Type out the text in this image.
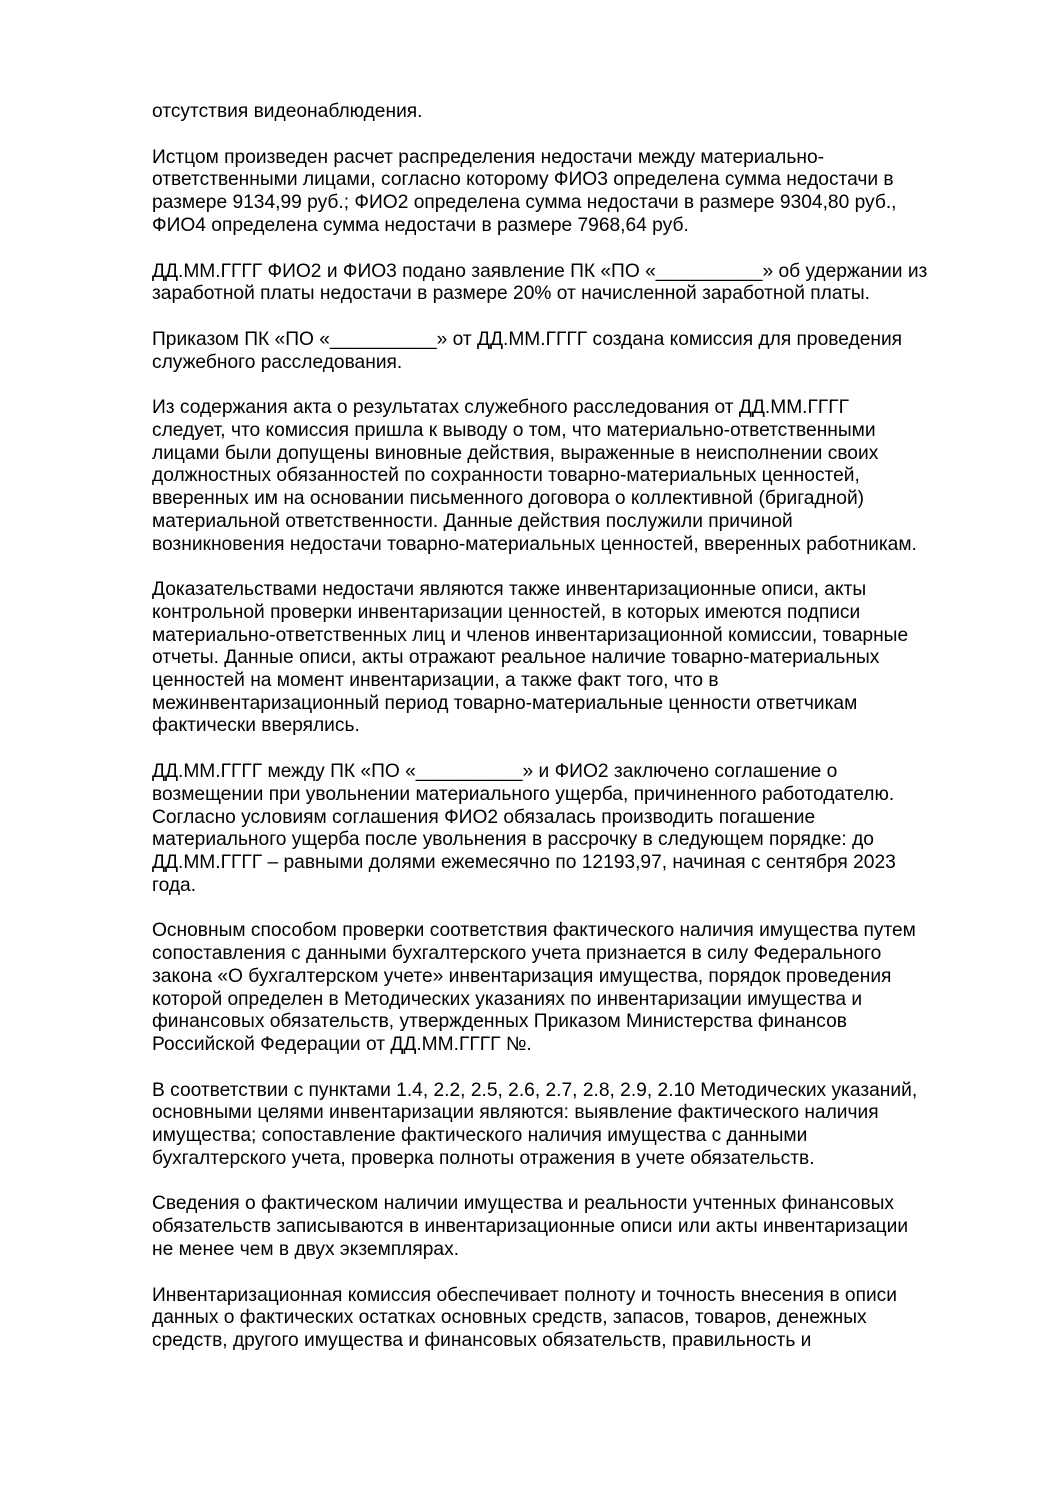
отсутствия видеонаблюдения.

Истцом произведен расчет распределения недостачи между материально-
ответственными лицами, согласно которому ФИО3 определена сумма недостачи в
размере 9134,99 руб.; ФИО2 определена сумма недостачи в размере 9304,80 руб.,
ФИО4 определена сумма недостачи в размере 7968,64 руб.

ДД.ММ.ГГГГ ФИО2 и ФИО3 подано заявление ПК «ПО «__________» об удержании из
заработной платы недостачи в размере 20% от начисленной заработной платы.

Приказом ПК «ПО «__________» от ДД.ММ.ГГГГ создана комиссия для проведения
служебного расследования.

Из содержания акта о результатах служебного расследования от ДД.ММ.ГГГГ
следует, что комиссия пришла к выводу о том, что материально-ответственными
лицами были допущены виновные действия, выраженные в неисполнении своих
должностных обязанностей по сохранности товарно-материальных ценностей,
вверенных им на основании письменного договора о коллективной (бригадной)
материальной ответственности. Данные действия послужили причиной
возникновения недостачи товарно-материальных ценностей, вверенных работникам.

Доказательствами недостачи являются также инвентаризационные описи, акты
контрольной проверки инвентаризации ценностей, в которых имеются подписи
материально-ответственных лиц и членов инвентаризационной комиссии, товарные
отчеты. Данные описи, акты отражают реальное наличие товарно-материальных
ценностей на момент инвентаризации, а также факт того, что в
межинвентаризационный период товарно-материальные ценности ответчикам
фактически вверялись.

ДД.ММ.ГГГГ между ПК «ПО «__________» и ФИО2 заключено соглашение о
возмещении при увольнении материального ущерба, причиненного работодателю.
Согласно условиям соглашения ФИО2 обязалась производить погашение
материального ущерба после увольнения в рассрочку в следующем порядке: до
ДД.ММ.ГГГГ – равными долями ежемесячно по 12193,97, начиная с сентября 2023
года.

Основным способом проверки соответствия фактического наличия имущества путем
сопоставления с данными бухгалтерского учета признается в силу Федерального
закона «О бухгалтерском учете» инвентаризация имущества, порядок проведения
которой определен в Методических указаниях по инвентаризации имущества и
финансовых обязательств, утвержденных Приказом Министерства финансов
Российской Федерации от ДД.ММ.ГГГГ №.

В соответствии с пунктами 1.4, 2.2, 2.5, 2.6, 2.7, 2.8, 2.9, 2.10 Методических указаний,
основными целями инвентаризации являются: выявление фактического наличия
имущества; сопоставление фактического наличия имущества с данными
бухгалтерского учета, проверка полноты отражения в учете обязательств.

Сведения о фактическом наличии имущества и реальности учтенных финансовых
обязательств записываются в инвентаризационные описи или акты инвентаризации
не менее чем в двух экземплярах.

Инвентаризационная комиссия обеспечивает полноту и точность внесения в описи
данных о фактических остатках основных средств, запасов, товаров, денежных
средств, другого имущества и финансовых обязательств, правильность и
